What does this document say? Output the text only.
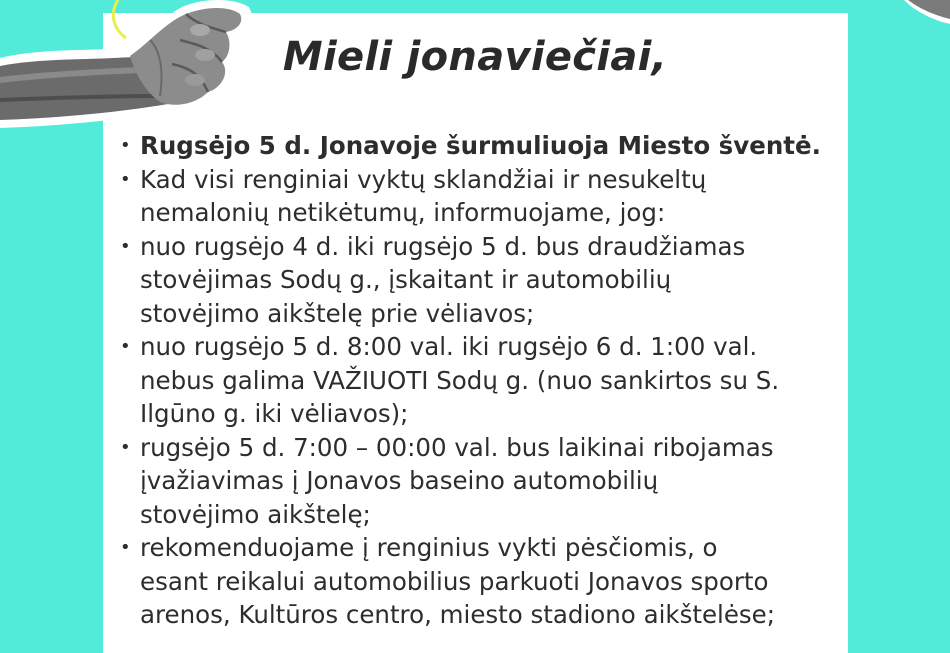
Mieli jonaviečiai,
• Rugsėjo 5 d. Jonavoje šurmuliuoja Miesto šventė.
• Kad visi renginiai vyktų sklandžiai ir nesukeltų
nemalonių netikėtumų, informuojame, jog:
• nuo rugsėjo 4 d. iki rugsėjo 5 d. bus draudžiamas
stovėjimas Sodų g., įskaitant ir automobilių
stovėjimo aikštelę prie vėliavos;
• nuo rugsėjo 5 d. 8:00 val. iki rugsėjo 6 d. 1:00 val.
nebus galima VAŽIUOTI Sodų g. (nuo sankirtos su S.
Ilgūno g. iki vėliavos);
• rugsėjo 5 d. 7:00 – 00:00 val. bus laikinai ribojamas
įvažiavimas į Jonavos baseino automobilių
stovėjimo aikštelę;
• rekomenduojame į renginius vykti pėsčiomis, o
esant reikalui automobilius parkuoti Jonavos sporto
arenos, Kultūros centro, miesto stadiono aikštelėse;
